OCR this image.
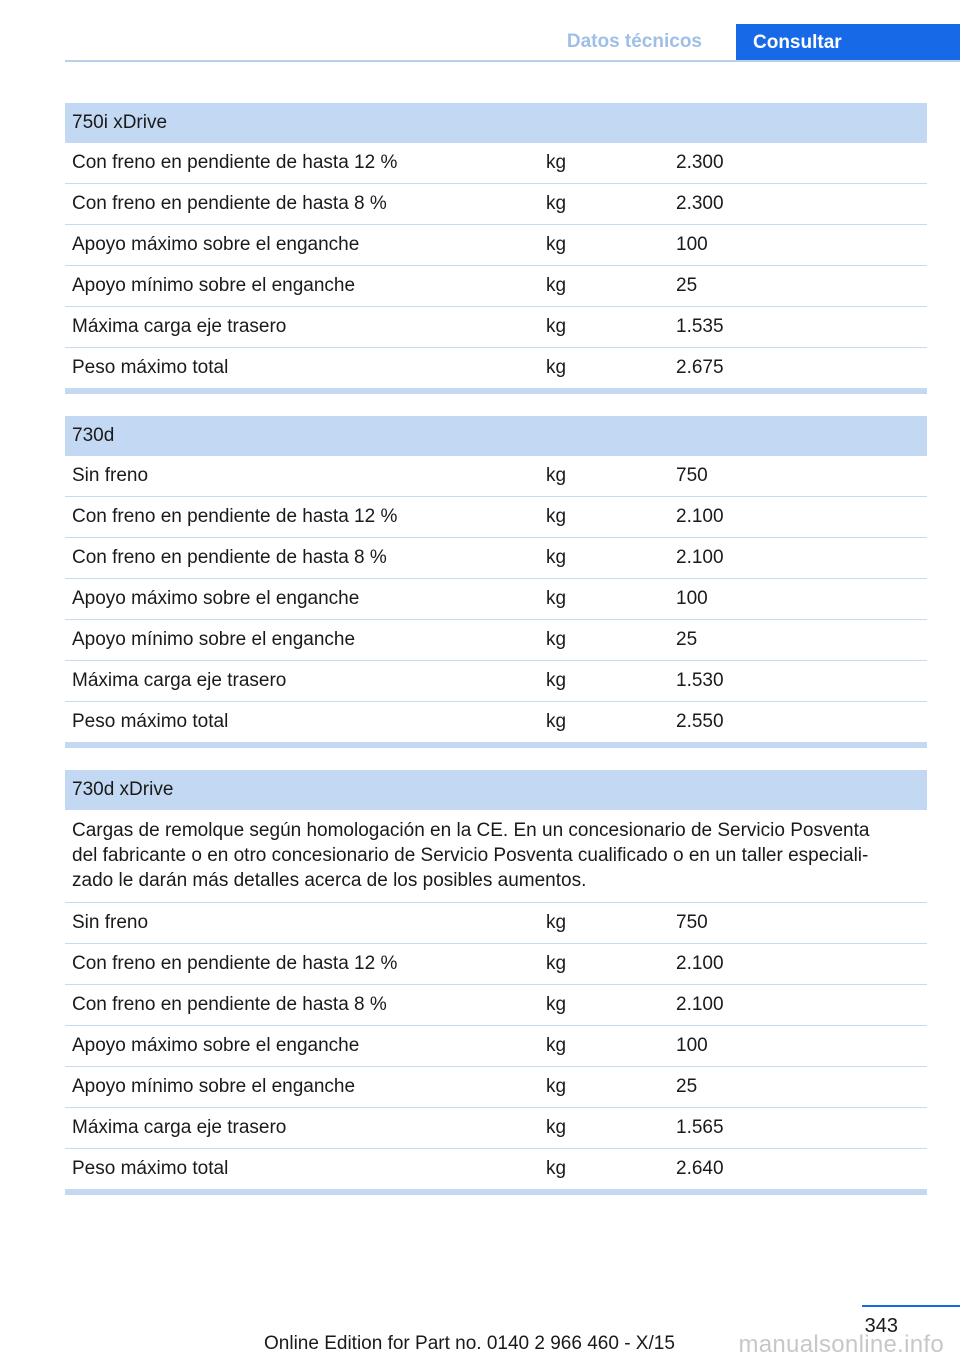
Datos técnicos	Consultar
750i xDrive
Con freno en pendiente de hasta 12 %	kg	2.300
Con freno en pendiente de hasta 8 %	kg	2.300
Apoyo máximo sobre el enganche	kg	100
Apoyo mínimo sobre el enganche	kg	25
Máxima carga eje trasero	kg	1.535
Peso máximo total	kg	2.675
730d
Sin freno	kg	750
Con freno en pendiente de hasta 12 %	kg	2.100
Con freno en pendiente de hasta 8 %	kg	2.100
Apoyo máximo sobre el enganche	kg	100
Apoyo mínimo sobre el enganche	kg	25
Máxima carga eje trasero	kg	1.530
Peso máximo total	kg	2.550
730d xDrive
Cargas de remolque según homologación en la CE. En un concesionario de Servicio Posventa
del fabricante o en otro concesionario de Servicio Posventa cualificado o en un taller especiali-
zado le darán más detalles acerca de los posibles aumentos.
Sin freno	kg	750
Con freno en pendiente de hasta 12 %	kg	2.100
Con freno en pendiente de hasta 8 %	kg	2.100
Apoyo máximo sobre el enganche	kg	100
Apoyo mínimo sobre el enganche	kg	25
Máxima carga eje trasero	kg	1.565
Peso máximo total	kg	2.640
343
Online Edition for Part no. 0140 2 966 460 - X/15	manualsonline.info
